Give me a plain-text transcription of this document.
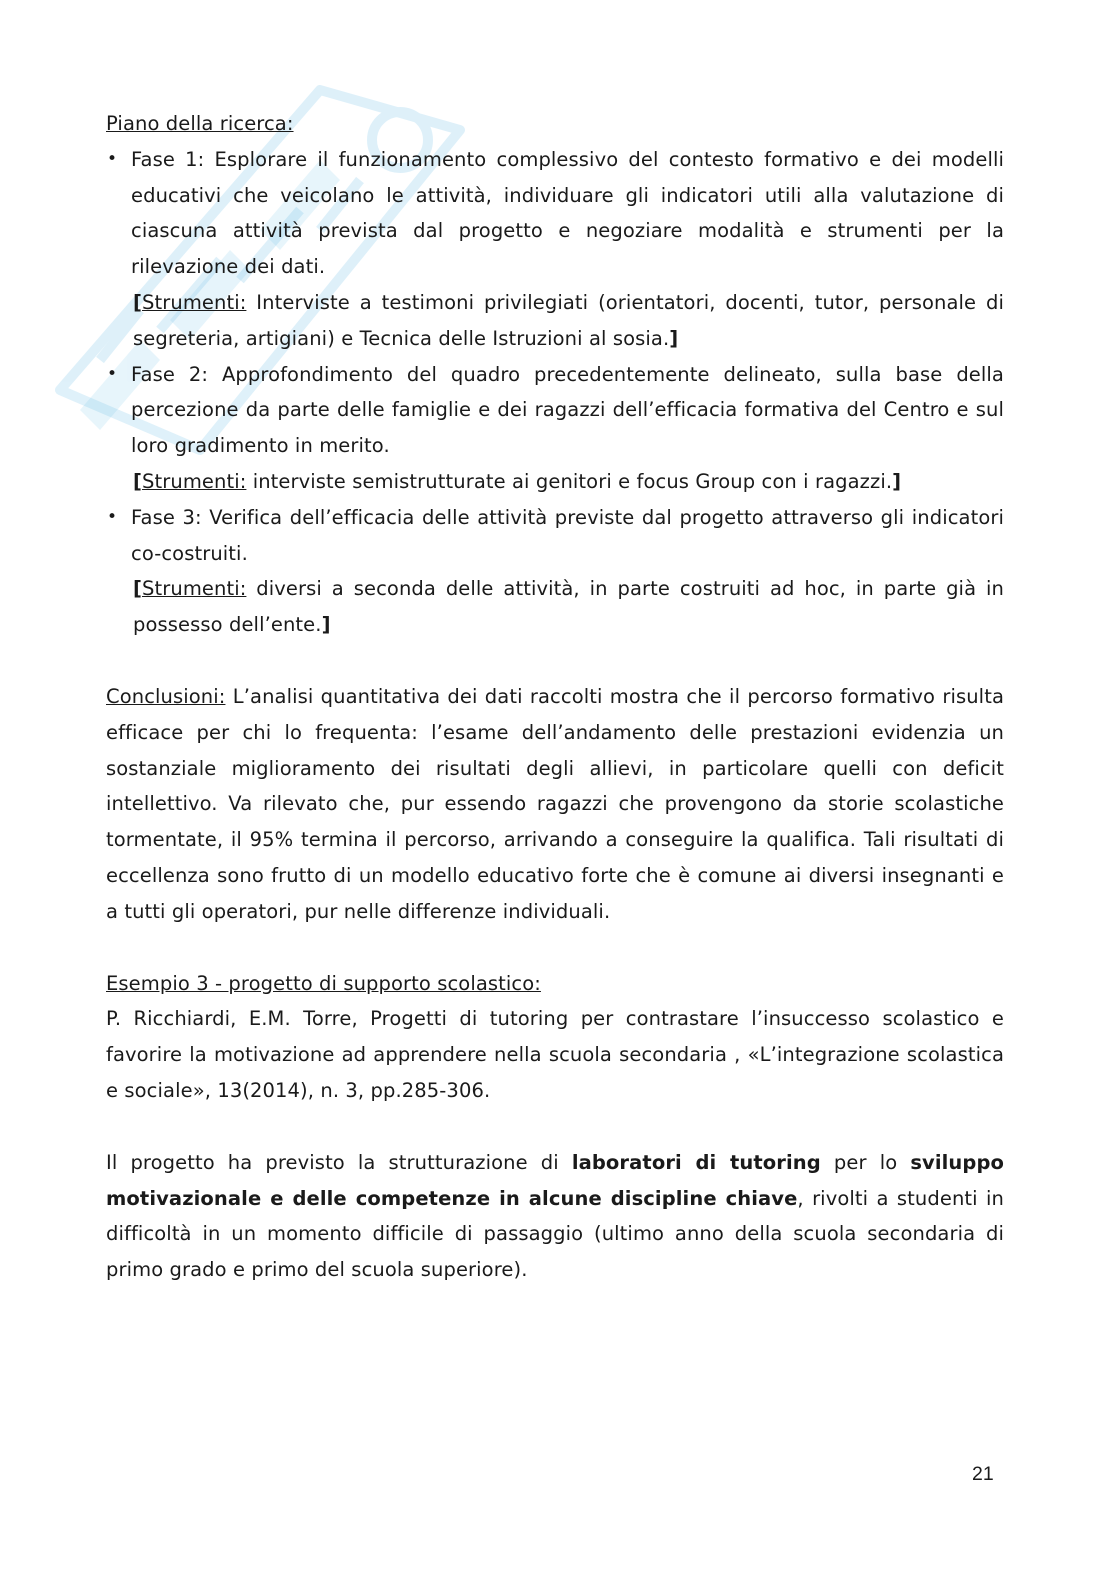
Piano della ricerca:

• Fase 1: Esplorare il funzionamento complessivo del contesto formativo e dei modelli educativi che veicolano le attività, individuare gli indicatori utili alla valutazione di ciascuna attività prevista dal progetto e negoziare modalità e strumenti per la rilevazione dei dati.
[Strumenti: Interviste a testimoni privilegiati (orientatori, docenti, tutor, personale di segreteria, artigiani) e Tecnica delle Istruzioni al sosia.]
• Fase 2: Approfondimento del quadro precedentemente delineato, sulla base della percezione da parte delle famiglie e dei ragazzi dell’efficacia formativa del Centro e sul loro gradimento in merito.
[Strumenti: interviste semistrutturate ai genitori e focus Group con i ragazzi.]
• Fase 3: Verifica dell’efficacia delle attività previste dal progetto attraverso gli indicatori co-costruiti.
[Strumenti: diversi a seconda delle attività, in parte costruiti ad hoc, in parte già in possesso dell’ente.]

Conclusioni: L’analisi quantitativa dei dati raccolti mostra che il percorso formativo risulta efficace per chi lo frequenta: l’esame dell’andamento delle prestazioni evidenzia un sostanziale miglioramento dei risultati degli allievi, in particolare quelli con deficit intellettivo. Va rilevato che, pur essendo ragazzi che provengono da storie scolastiche tormentate, il 95% termina il percorso, arrivando a conseguire la qualifica. Tali risultati di eccellenza sono frutto di un modello educativo forte che è comune ai diversi insegnanti e a tutti gli operatori, pur nelle differenze individuali.

Esempio 3 - progetto di supporto scolastico:

P. Ricchiardi, E.M. Torre, Progetti di tutoring per contrastare l’insuccesso scolastico e favorire la motivazione ad apprendere nella scuola secondaria , «L’integrazione scolastica e sociale», 13(2014), n. 3, pp.285-306.

Il progetto ha previsto la strutturazione di laboratori di tutoring per lo sviluppo motivazionale e delle competenze in alcune discipline chiave, rivolti a studenti in difficoltà in un momento difficile di passaggio (ultimo anno della scuola secondaria di primo grado e primo del scuola superiore).

21
